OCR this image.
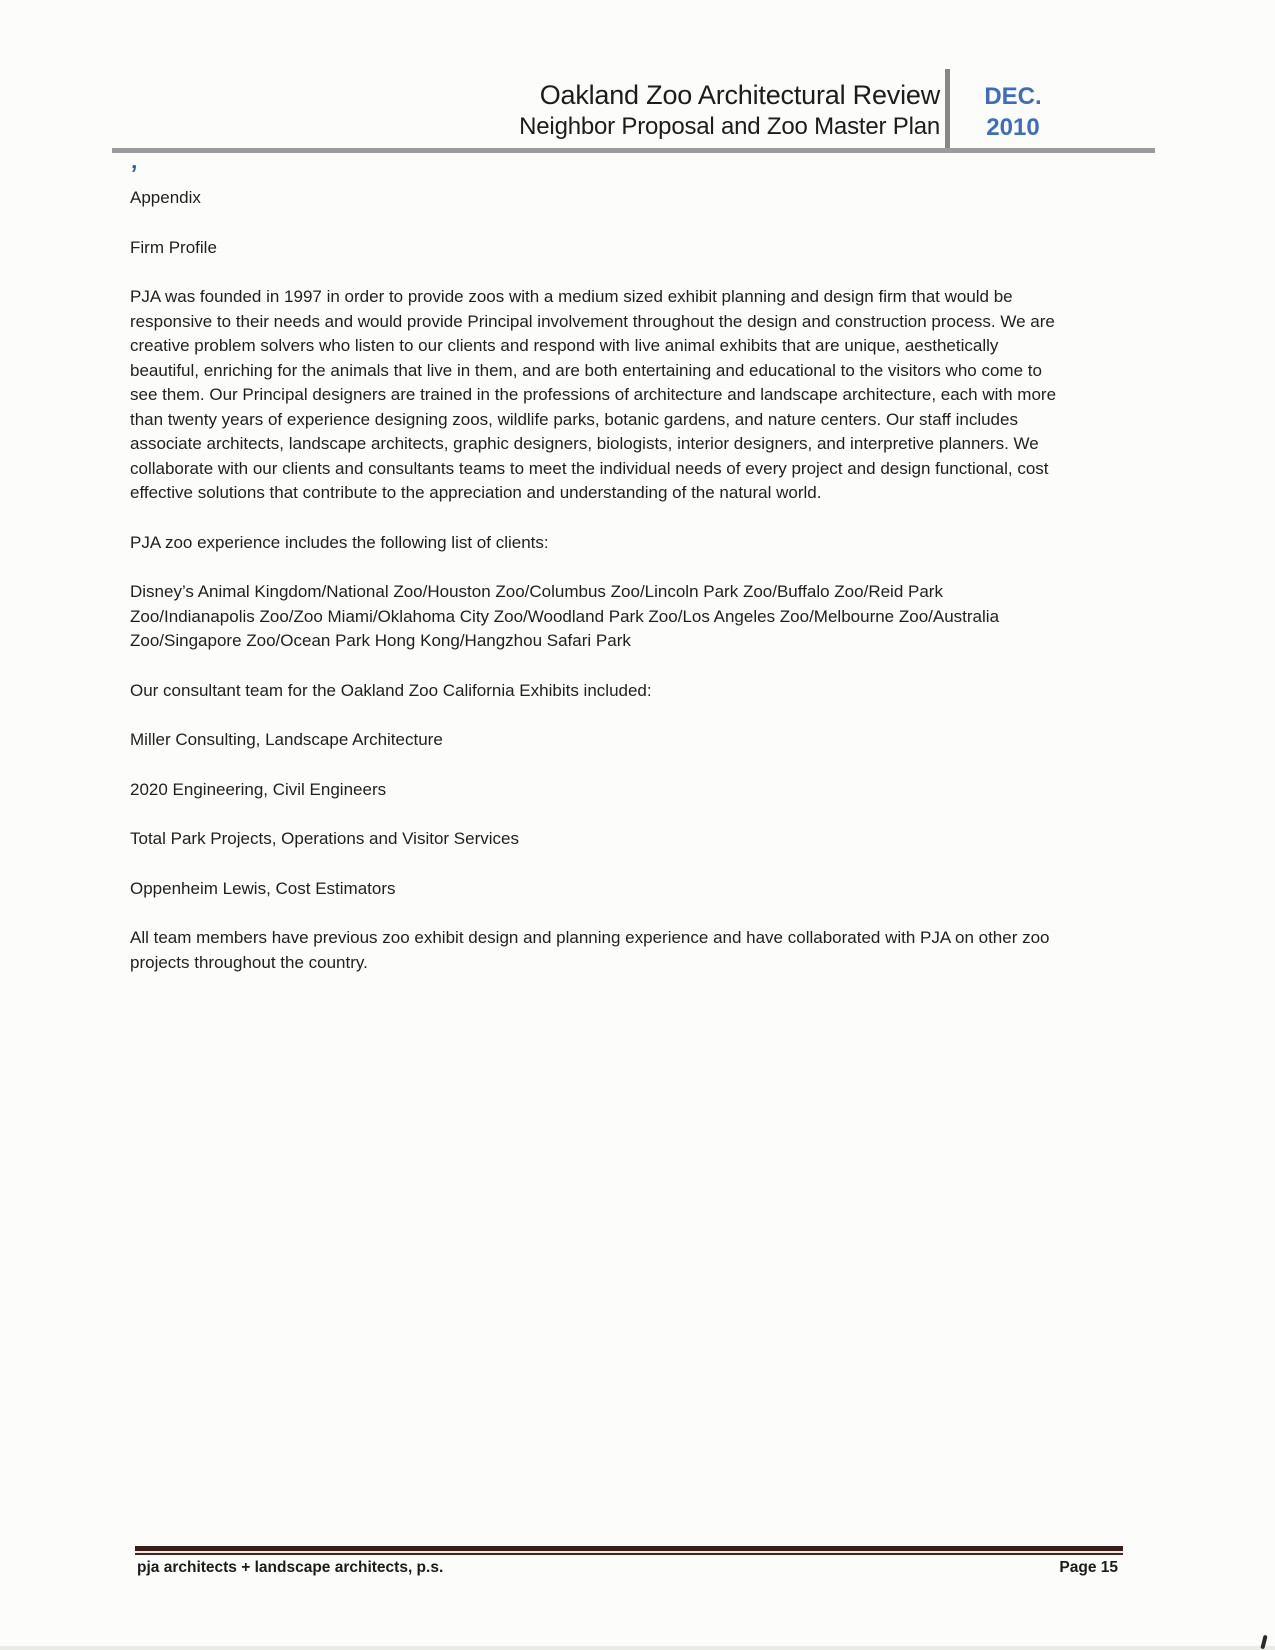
Oakland Zoo Architectural Review
Neighbor Proposal and Zoo Master Plan
DEC.
2010
’

Appendix

Firm Profile

PJA was founded in 1997 in order to provide zoos with a medium sized exhibit planning and design firm that would be responsive to their needs and would provide Principal involvement throughout the design and construction process. We are creative problem solvers who listen to our clients and respond with live animal exhibits that are unique, aesthetically beautiful, enriching for the animals that live in them, and are both entertaining and educational to the visitors who come to see them. Our Principal designers are trained in the professions of architecture and landscape architecture, each with more than twenty years of experience designing zoos, wildlife parks, botanic gardens, and nature centers. Our staff includes associate architects, landscape architects, graphic designers, biologists, interior designers, and interpretive planners. We collaborate with our clients and consultants teams to meet the individual needs of every project and design functional, cost effective solutions that contribute to the appreciation and understanding of the natural world.

PJA zoo experience includes the following list of clients:

Disney’s Animal Kingdom/National Zoo/Houston Zoo/Columbus Zoo/Lincoln Park Zoo/Buffalo Zoo/Reid Park Zoo/Indianapolis Zoo/Zoo Miami/Oklahoma City Zoo/Woodland Park Zoo/Los Angeles Zoo/Melbourne Zoo/Australia Zoo/Singapore Zoo/Ocean Park Hong Kong/Hangzhou Safari Park

Our consultant team for the Oakland Zoo California Exhibits included:

Miller Consulting, Landscape Architecture

2020 Engineering, Civil Engineers

Total Park Projects, Operations and Visitor Services

Oppenheim Lewis, Cost Estimators

All team members have previous zoo exhibit design and planning experience and have collaborated with PJA on other zoo projects throughout the country.

pja architects + landscape architects, p.s.	Page 15
